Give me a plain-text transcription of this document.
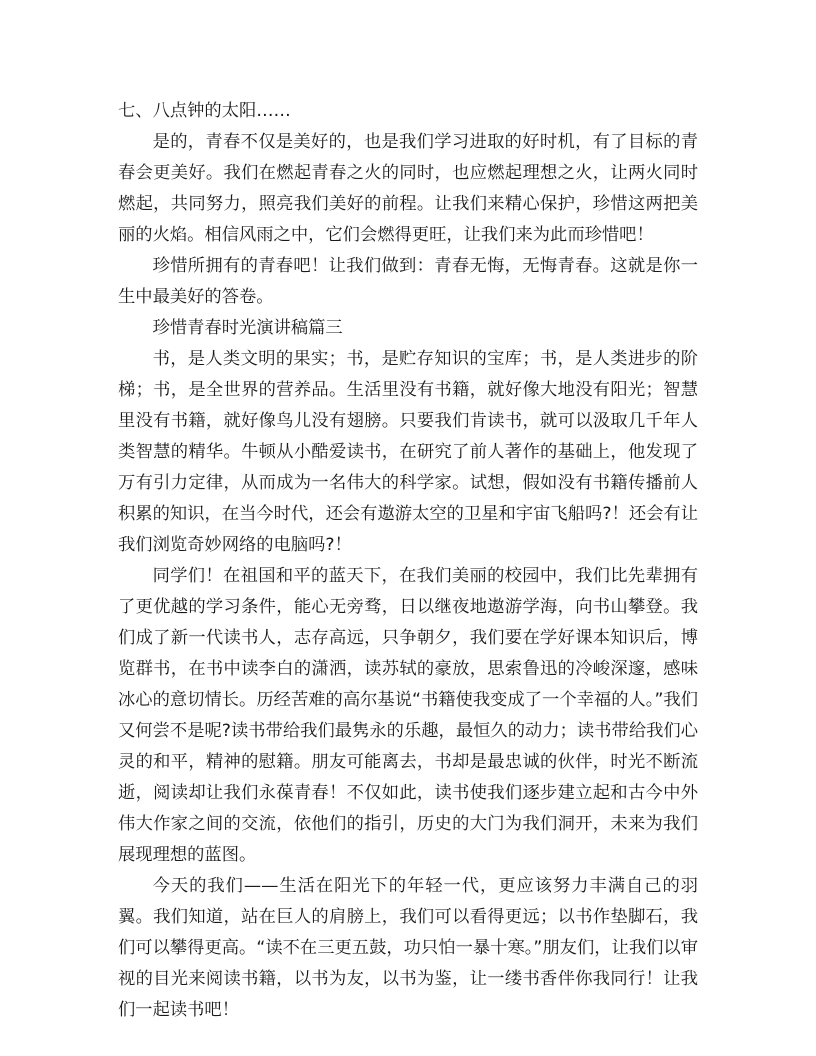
七、八点钟的太阳……

是的，青春不仅是美好的，也是我们学习进取的好时机，有了目标的青春会更美好。我们在燃起青春之火的同时，也应燃起理想之火，让两火同时燃起，共同努力，照亮我们美好的前程。让我们来精心保护，珍惜这两把美丽的火焰。相信风雨之中，它们会燃得更旺，让我们来为此而珍惜吧！

珍惜所拥有的青春吧！让我们做到：青春无悔，无悔青春。这就是你一生中最美好的答卷。

珍惜青春时光演讲稿篇三

书，是人类文明的果实；书，是贮存知识的宝库；书，是人类进步的阶梯；书，是全世界的营养品。生活里没有书籍，就好像大地没有阳光；智慧里没有书籍，就好像鸟儿没有翅膀。只要我们肯读书，就可以汲取几千年人类智慧的精华。牛顿从小酷爱读书，在研究了前人著作的基础上，他发现了万有引力定律，从而成为一名伟大的科学家。试想，假如没有书籍传播前人积累的知识，在当今时代，还会有遨游太空的卫星和宇宙飞船吗?！还会有让我们浏览奇妙网络的电脑吗?！

同学们！在祖国和平的蓝天下，在我们美丽的校园中，我们比先辈拥有了更优越的学习条件，能心无旁骛，日以继夜地遨游学海，向书山攀登。我们成了新一代读书人，志存高远，只争朝夕，我们要在学好课本知识后，博览群书，在书中读李白的潇洒，读苏轼的豪放，思索鲁迅的冷峻深邃，感味冰心的意切情长。历经苦难的高尔基说“书籍使我变成了一个幸福的人。”我们又何尝不是呢?读书带给我们最隽永的乐趣，最恒久的动力；读书带给我们心灵的和平，精神的慰籍。朋友可能离去，书却是最忠诚的伙伴，时光不断流逝，阅读却让我们永葆青春！不仅如此，读书使我们逐步建立起和古今中外伟大作家之间的交流，依他们的指引，历史的大门为我们洞开，未来为我们展现理想的蓝图。

今天的我们——生活在阳光下的年轻一代，更应该努力丰满自己的羽翼。我们知道，站在巨人的肩膀上，我们可以看得更远；以书作垫脚石，我们可以攀得更高。“读不在三更五鼓，功只怕一暴十寒。”朋友们，让我们以审视的目光来阅读书籍，以书为友，以书为鉴，让一缕书香伴你我同行！让我们一起读书吧！
